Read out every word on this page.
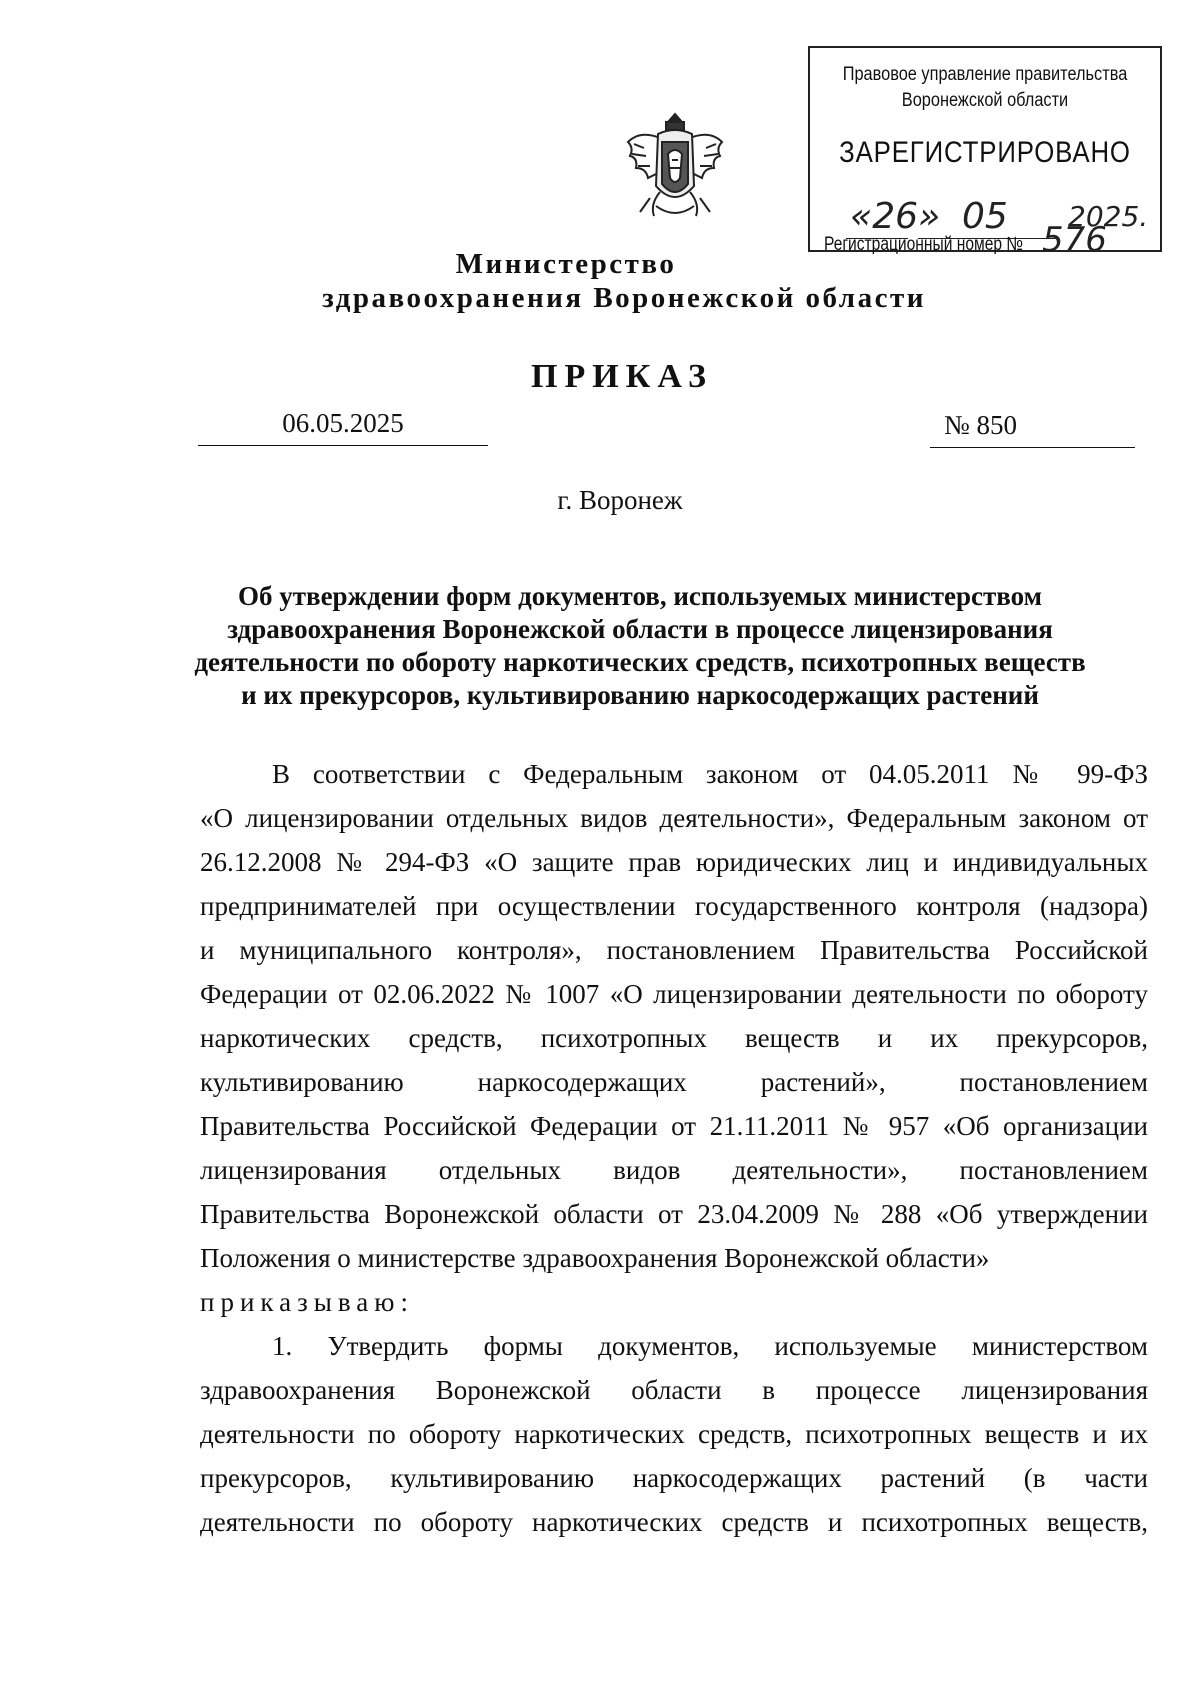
Правовое управление правительства
Воронежской области
ЗАРЕГИСТРИРОВАНО
«26» 05 2025.
Регистрационный номер № 576
Министерство
здравоохранения Воронежской области
ПРИКАЗ
06.05.2025	№ 850
г. Воронеж
Об утверждении форм документов, используемых министерством
здравоохранения Воронежской области в процессе лицензирования
деятельности по обороту наркотических средств, психотропных веществ
и их прекурсоров, культивированию наркосодержащих растений
В соответствии с Федеральным законом от 04.05.2011 № 99-ФЗ
«О лицензировании отдельных видов деятельности», Федеральным законом от
26.12.2008 № 294-ФЗ «О защите прав юридических лиц и индивидуальных
предпринимателей при осуществлении государственного контроля (надзора)
и муниципального контроля», постановлением Правительства Российской
Федерации от 02.06.2022 № 1007 «О лицензировании деятельности по обороту
наркотических средств, психотропных веществ и их прекурсоров,
культивированию наркосодержащих растений», постановлением
Правительства Российской Федерации от 21.11.2011 № 957 «Об организации
лицензирования отдельных видов деятельности», постановлением
Правительства Воронежской области от 23.04.2009 № 288 «Об утверждении
Положения о министерстве здравоохранения Воронежской области»
приказываю:
1. Утвердить формы документов, используемые министерством
здравоохранения Воронежской области в процессе лицензирования
деятельности по обороту наркотических средств, психотропных веществ и их
прекурсоров, культивированию наркосодержащих растений (в части
деятельности по обороту наркотических средств и психотропных веществ,
